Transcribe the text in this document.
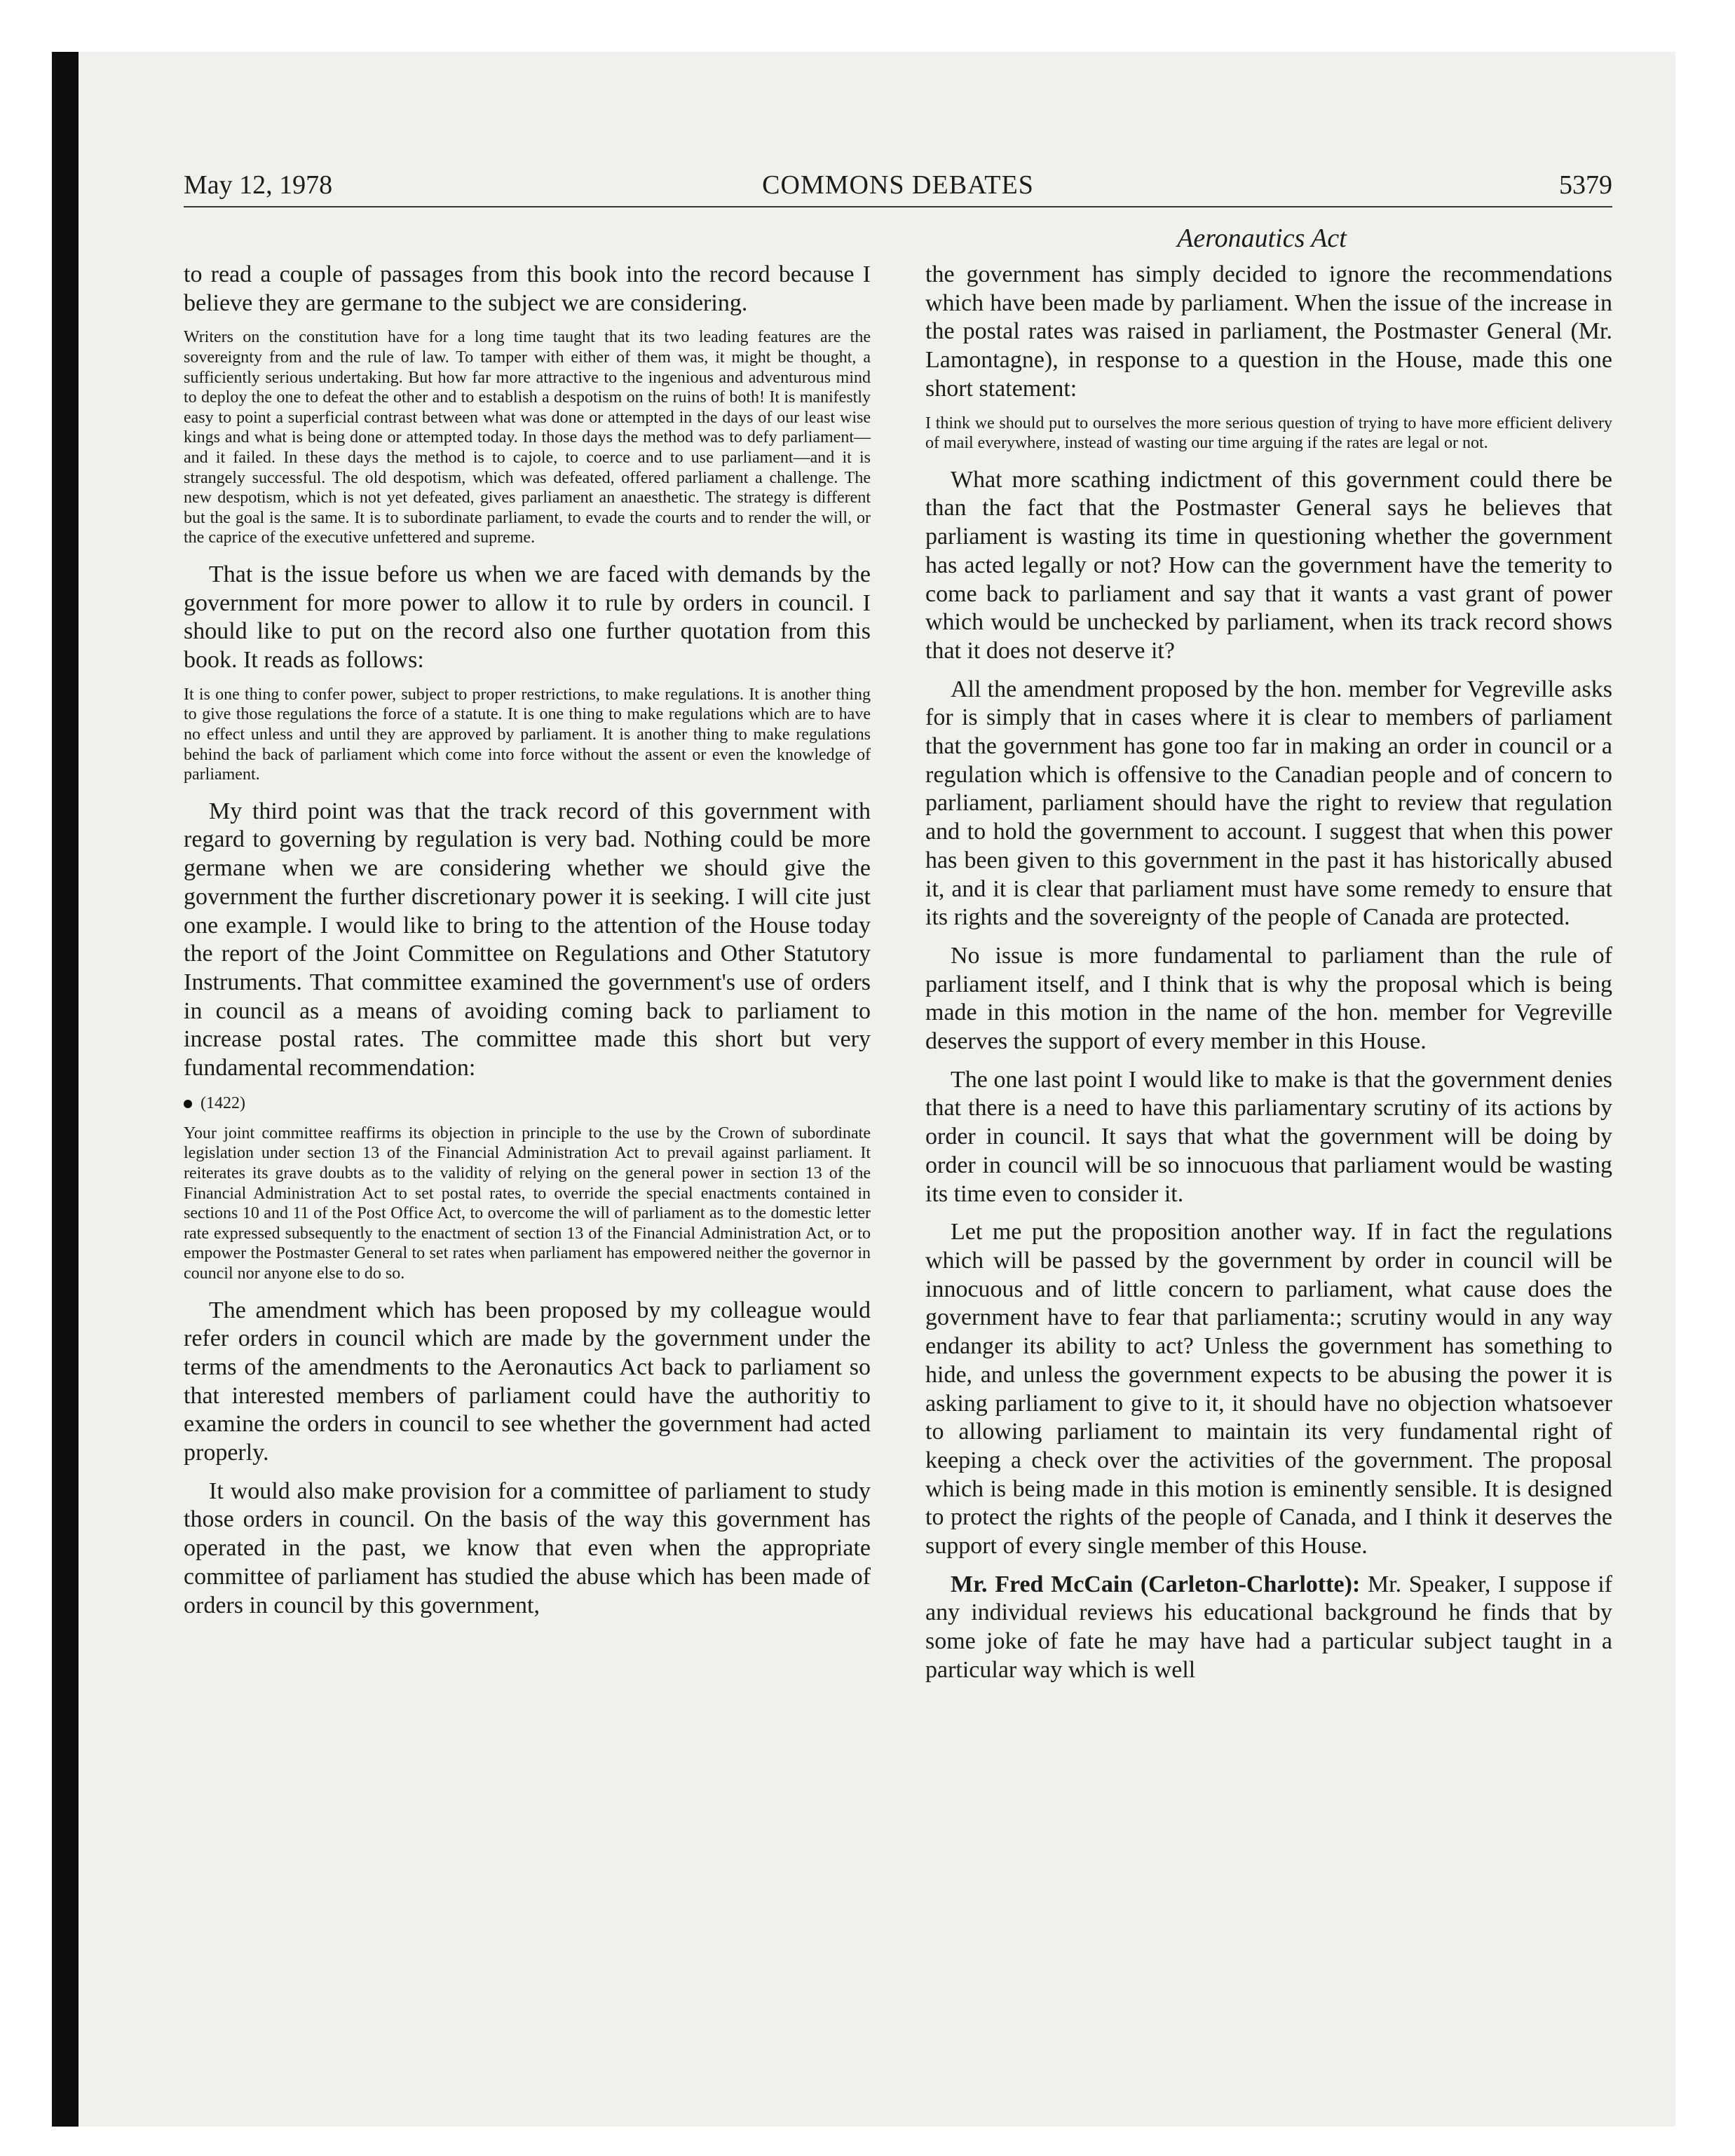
May 12, 1978	COMMONS DEBATES	5379
Aeronautics Act

to read a couple of passages from this book into the record because I believe they are germane to the subject we are considering.

Writers on the constitution have for a long time taught that its two leading features are the sovereignty from and the rule of law. To tamper with either of them was, it might be thought, a sufficiently serious undertaking. But how far more attractive to the ingenious and adventurous mind to deploy the one to defeat the other and to establish a despotism on the ruins of both! It is manifestly easy to point a superficial contrast between what was done or attempted in the days of our least wise kings and what is being done or attempted today. In those days the method was to defy parliament—and it failed. In these days the method is to cajole, to coerce and to use parliament—and it is strangely successful. The old despotism, which was defeated, offered parliament a challenge. The new despotism, which is not yet defeated, gives parliament an anaesthetic. The strategy is different but the goal is the same. It is to subordinate parliament, to evade the courts and to render the will, or the caprice of the executive unfettered and supreme.

That is the issue before us when we are faced with demands by the government for more power to allow it to rule by orders in council. I should like to put on the record also one further quotation from this book. It reads as follows:

It is one thing to confer power, subject to proper restrictions, to make regulations. It is another thing to give those regulations the force of a statute. It is one thing to make regulations which are to have no effect unless and until they are approved by parliament. It is another thing to make regulations behind the back of parliament which come into force without the assent or even the knowledge of parliament.

My third point was that the track record of this government with regard to governing by regulation is very bad. Nothing could be more germane when we are considering whether we should give the government the further discretionary power it is seeking. I will cite just one example. I would like to bring to the attention of the House today the report of the Joint Committee on Regulations and Other Statutory Instruments. That committee examined the government's use of orders in council as a means of avoiding coming back to parliament to increase postal rates. The committee made this short but very fundamental recommendation:

(1422)

Your joint committee reaffirms its objection in principle to the use by the Crown of subordinate legislation under section 13 of the Financial Administration Act to prevail against parliament. It reiterates its grave doubts as to the validity of relying on the general power in section 13 of the Financial Administration Act to set postal rates, to override the special enactments contained in sections 10 and 11 of the Post Office Act, to overcome the will of parliament as to the domestic letter rate expressed subsequently to the enactment of section 13 of the Financial Administration Act, or to empower the Postmaster General to set rates when parliament has empowered neither the governor in council nor anyone else to do so.

The amendment which has been proposed by my colleague would refer orders in council which are made by the government under the terms of the amendments to the Aeronautics Act back to parliament so that interested members of parliament could have the authoritiy to examine the orders in council to see whether the government had acted properly.

It would also make provision for a committee of parliament to study those orders in council. On the basis of the way this government has operated in the past, we know that even when the appropriate committee of parliament has studied the abuse which has been made of orders in council by this government,

the government has simply decided to ignore the recommendations which have been made by parliament. When the issue of the increase in the postal rates was raised in parliament, the Postmaster General (Mr. Lamontagne), in response to a question in the House, made this one short statement:

I think we should put to ourselves the more serious question of trying to have more efficient delivery of mail everywhere, instead of wasting our time arguing if the rates are legal or not.

What more scathing indictment of this government could there be than the fact that the Postmaster General says he believes that parliament is wasting its time in questioning whether the government has acted legally or not? How can the government have the temerity to come back to parliament and say that it wants a vast grant of power which would be unchecked by parliament, when its track record shows that it does not deserve it?

All the amendment proposed by the hon. member for Vegreville asks for is simply that in cases where it is clear to members of parliament that the government has gone too far in making an order in council or a regulation which is offensive to the Canadian people and of concern to parliament, parliament should have the right to review that regulation and to hold the government to account. I suggest that when this power has been given to this government in the past it has historically abused it, and it is clear that parliament must have some remedy to ensure that its rights and the sovereignty of the people of Canada are protected.

No issue is more fundamental to parliament than the rule of parliament itself, and I think that is why the proposal which is being made in this motion in the name of the hon. member for Vegreville deserves the support of every member in this House.

The one last point I would like to make is that the government denies that there is a need to have this parliamentary scrutiny of its actions by order in council. It says that what the government will be doing by order in council will be so innocuous that parliament would be wasting its time even to consider it.

Let me put the proposition another way. If in fact the regulations which will be passed by the government by order in council will be innocuous and of little concern to parliament, what cause does the government have to fear that parliamenta:; scrutiny would in any way endanger its ability to act? Unless the government has something to hide, and unless the government expects to be abusing the power it is asking parliament to give to it, it should have no objection whatsoever to allowing parliament to maintain its very fundamental right of keeping a check over the activities of the government. The proposal which is being made in this motion is eminently sensible. It is designed to protect the rights of the people of Canada, and I think it deserves the support of every single member of this House.

Mr. Fred McCain (Carleton-Charlotte): Mr. Speaker, I suppose if any individual reviews his educational background he finds that by some joke of fate he may have had a particular subject taught in a particular way which is well
